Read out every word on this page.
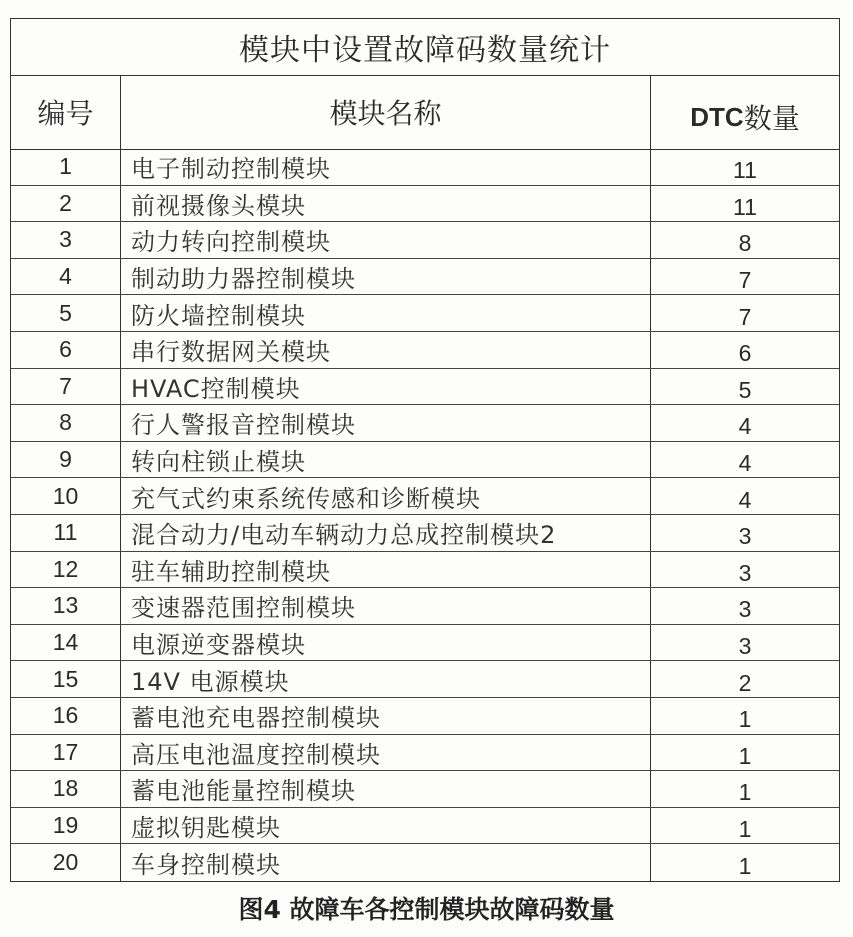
模块中设置故障码数量统计
编号	模块名称	DTC 数量
1	电子制动控制模块	11
2	前视摄像头模块	11
3	动力转向控制模块	8
4	制动助力器控制模块	7
5	防火墙控制模块	7
6	串行数据网关模块	6
7	HVAC控制模块	5
8	行人警报音控制模块	4
9	转向柱锁止模块	4
10	充气式约束系统传感和诊断模块	4
11	混合动力/电动车辆动力总成控制模块2	3
12	驻车辅助控制模块	3
13	变速器范围控制模块	3
14	电源逆变器模块	3
15	14V 电源模块	2
16	蓄电池充电器控制模块	1
17	高压电池温度控制模块	1
18	蓄电池能量控制模块	1
19	虚拟钥匙模块	1
20	车身控制模块	1
图4 故障车各控制模块故障码数量
